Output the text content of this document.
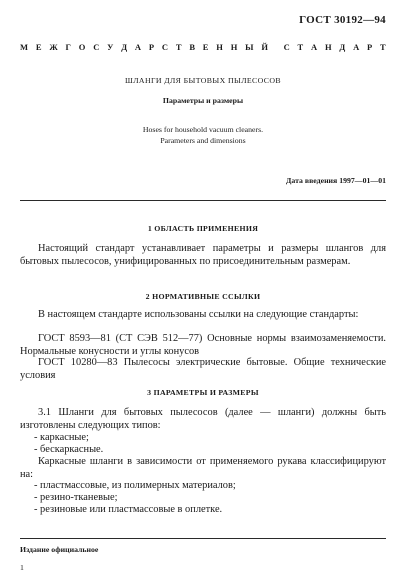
ГОСТ 30192—94
М Е Ж Г О С У Д А Р С Т В Е Н Н Ы Й С Т А Н Д А Р Т
ШЛАНГИ ДЛЯ БЫТОВЫХ ПЫЛЕСОСОВ
Параметры и размеры
Hoses for household vacuum cleaners.
Parameters and dimensions
Дата введения 1997—01—01
1 ОБЛАСТЬ ПРИМЕНЕНИЯ
Настоящий стандарт устанавливает параметры и размеры шлангов для бытовых пылесосов, унифицированных по присоединительным размерам.
2 НОРМАТИВНЫЕ ССЫЛКИ
В настоящем стандарте использованы ссылки на следующие стандарты:
ГОСТ 8593—81 (СТ СЭВ 512—77) Основные нормы взаимозаменяемости. Нормальные конусности и углы конусов
ГОСТ 10280—83 Пылесосы электрические бытовые. Общие технические условия
3 ПАРАМЕТРЫ И РАЗМЕРЫ
3.1 Шланги для бытовых пылесосов (далее — шланги) должны быть изготовлены следующих типов:
- каркасные;
- бескаркасные.
Каркасные шланги в зависимости от применяемого рукава классифицируют на:
- пластмассовые, из полимерных материалов;
- резино-тканевые;
- резиновые или пластмассовые в оплетке.
Издание официальное
1
